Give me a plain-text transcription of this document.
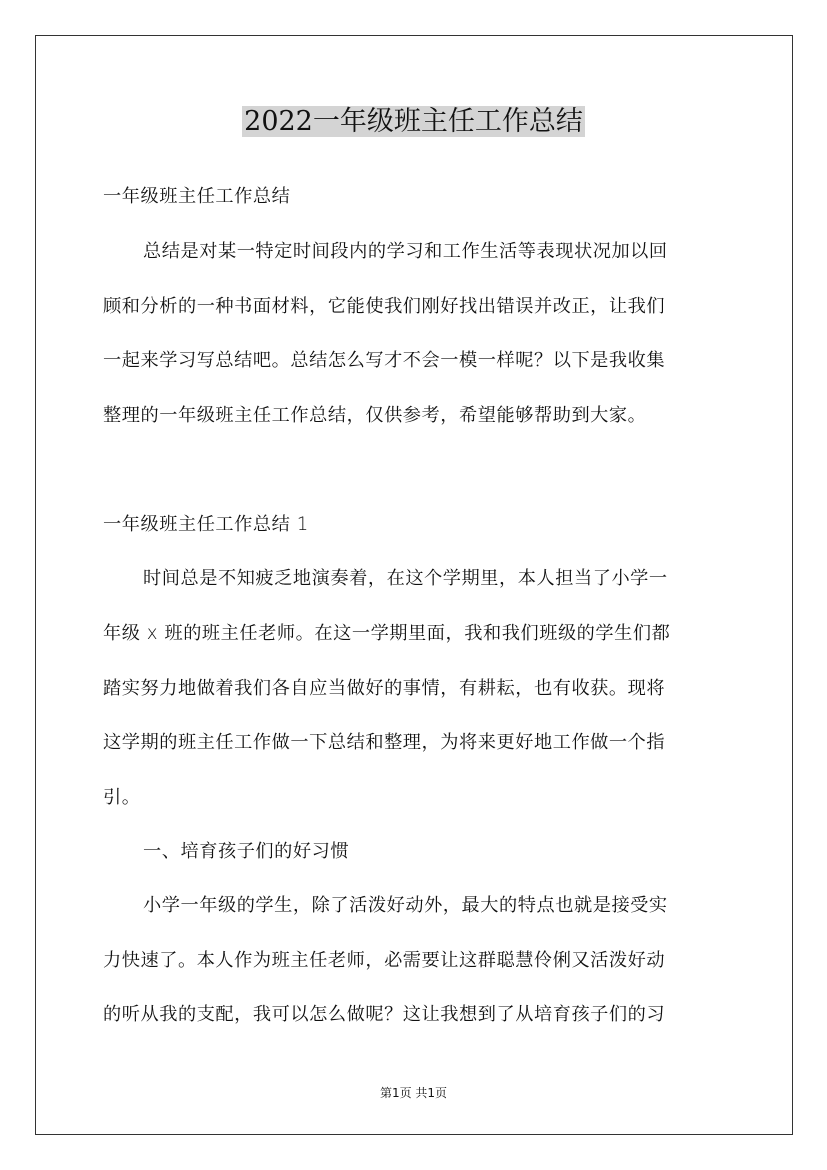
2022一年级班主任工作总结
一年级班主任工作总结
总结是对某一特定时间段内的学习和工作生活等表现状况加以回
顾和分析的一种书面材料，它能使我们刚好找出错误并改正，让我们
一起来学习写总结吧。总结怎么写才不会一模一样呢？以下是我收集
整理的一年级班主任工作总结，仅供参考，希望能够帮助到大家。
一年级班主任工作总结 1
时间总是不知疲乏地演奏着，在这个学期里，本人担当了小学一
年级 x 班的班主任老师。在这一学期里面，我和我们班级的学生们都
踏实努力地做着我们各自应当做好的事情，有耕耘，也有收获。现将
这学期的班主任工作做一下总结和整理，为将来更好地工作做一个指
引。
一、培育孩子们的好习惯
小学一年级的学生，除了活泼好动外，最大的特点也就是接受实
力快速了。本人作为班主任老师，必需要让这群聪慧伶俐又活泼好动
的听从我的支配，我可以怎么做呢？这让我想到了从培育孩子们的习
第1页 共1页
